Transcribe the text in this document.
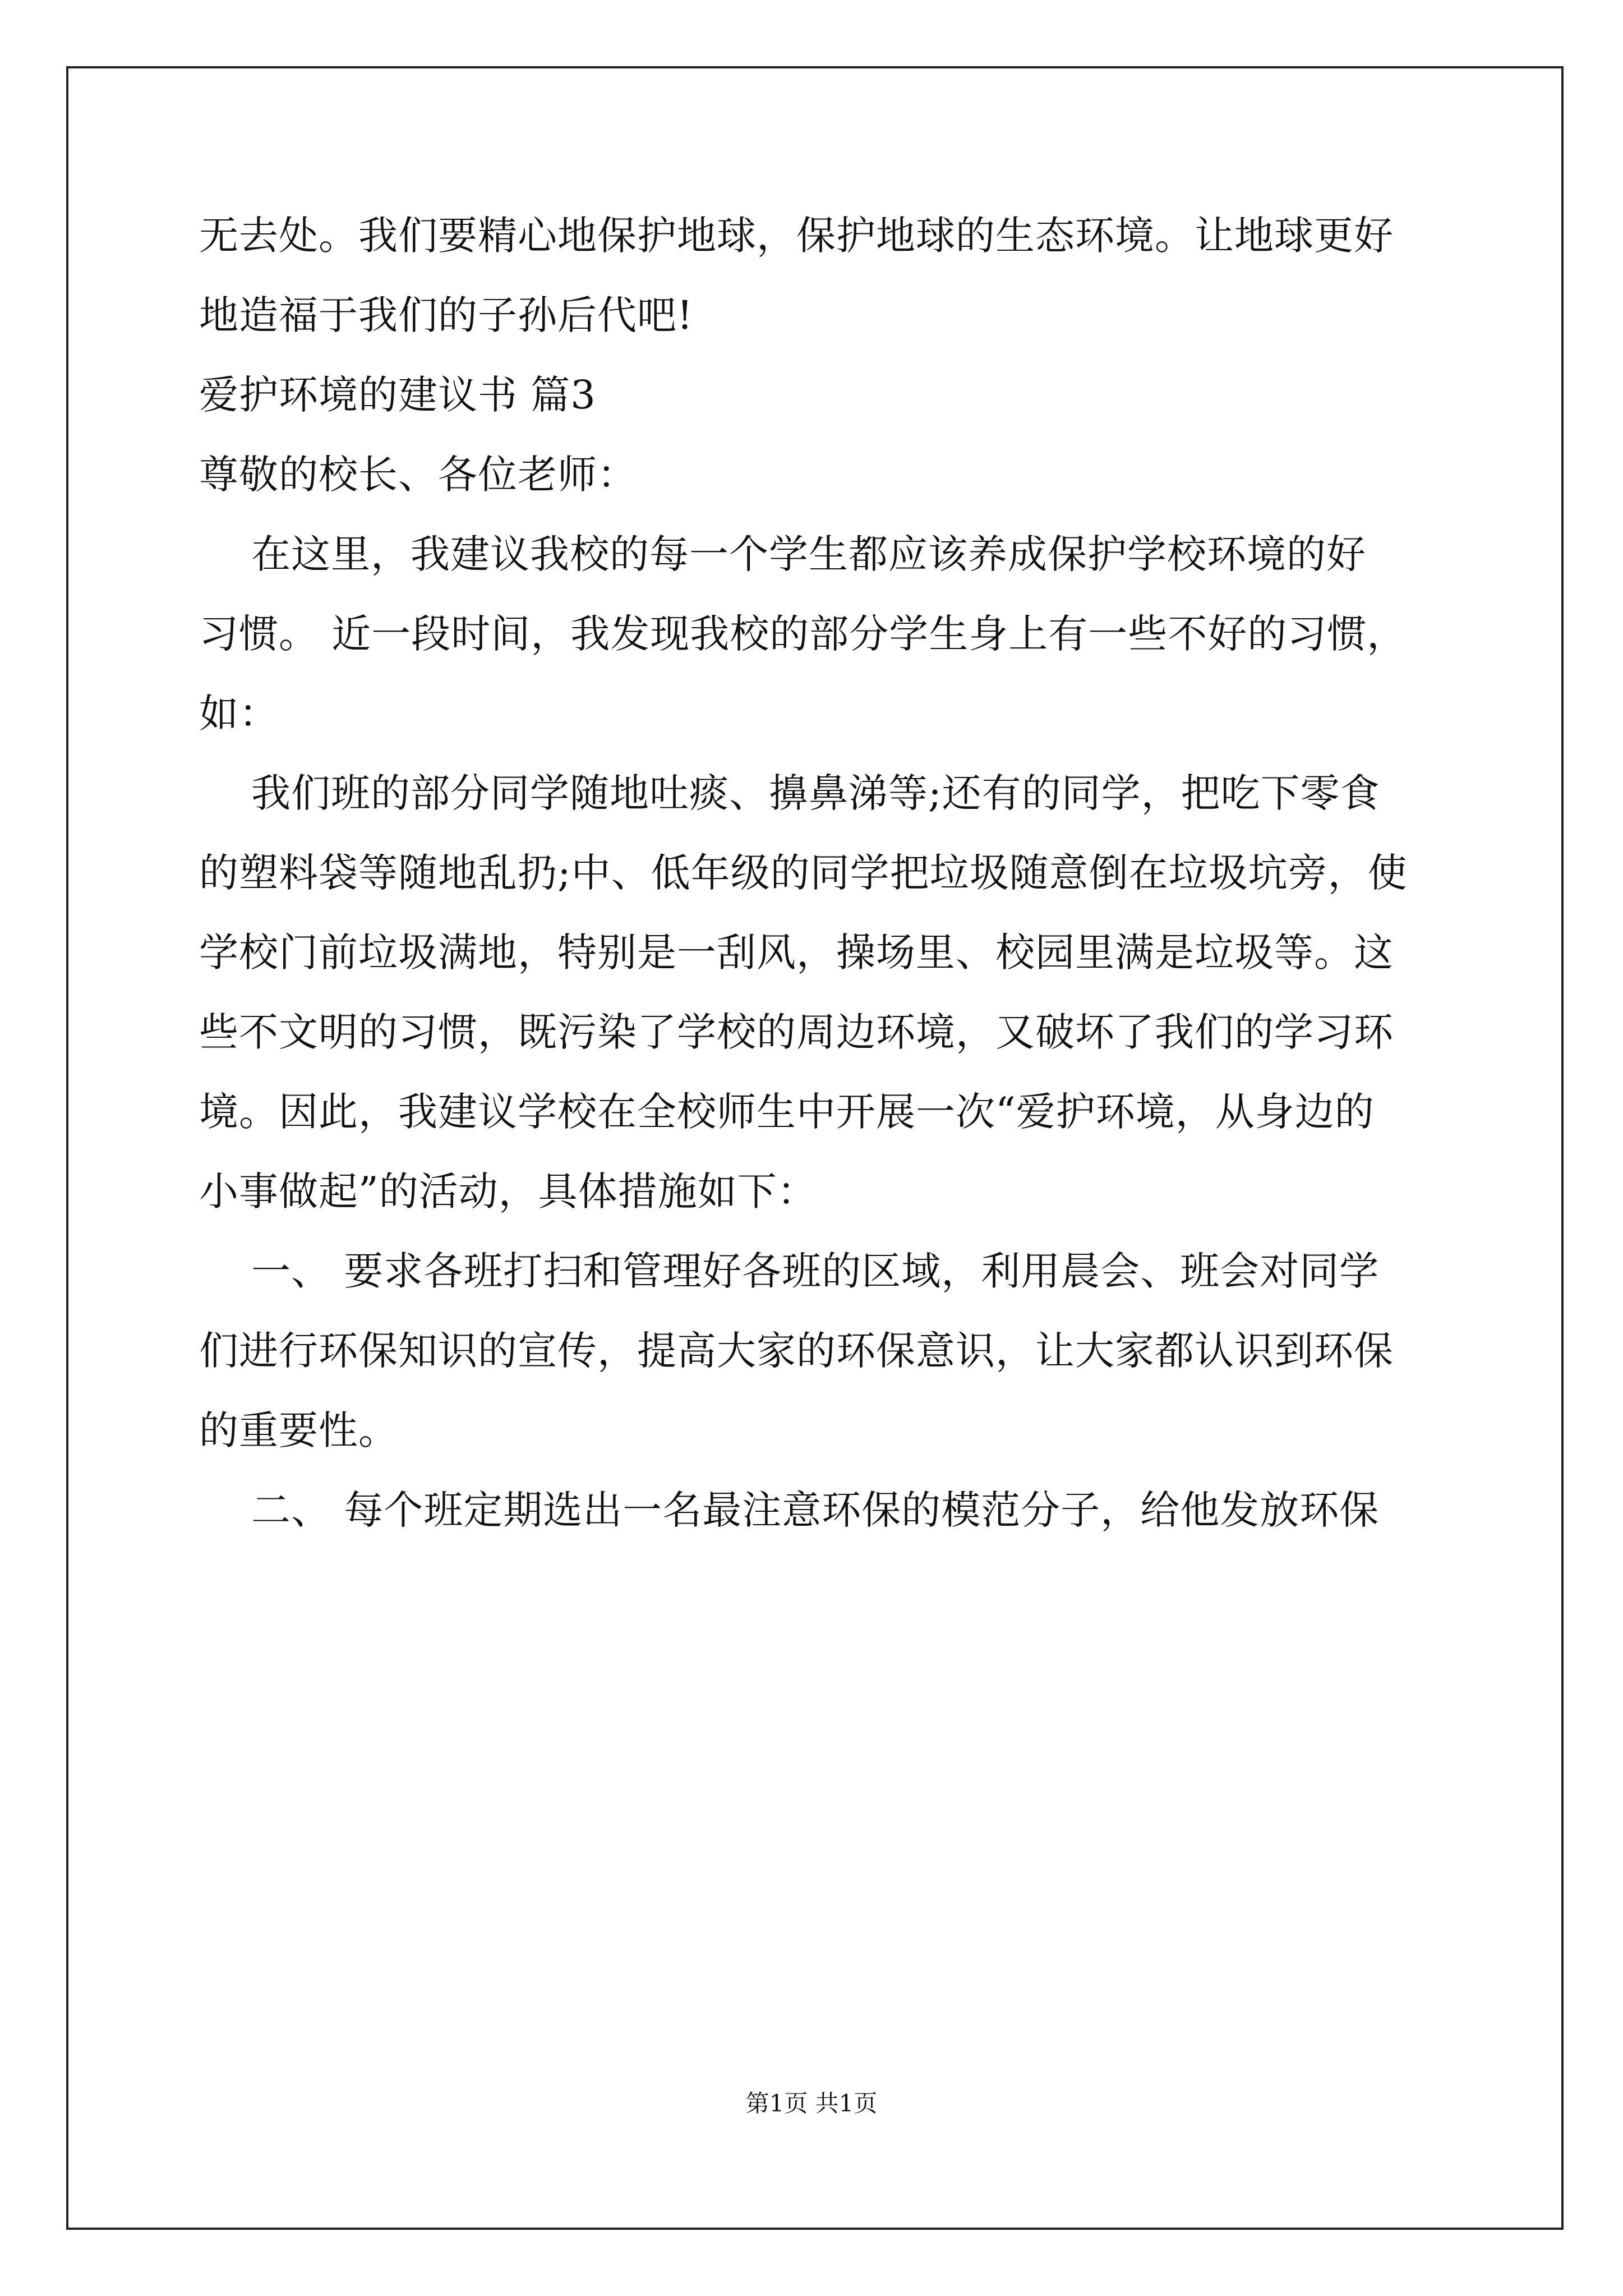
无去处。我们要精心地保护地球，保护地球的生态环境。让地球更好
地造福于我们的子孙后代吧!
爱护环境的建议书 篇3
尊敬的校长、各位老师：
在这里，我建议我校的每一个学生都应该养成保护学校环境的好
习惯。 近一段时间，我发现我校的部分学生身上有一些不好的习惯，
如：
我们班的部分同学随地吐痰、擤鼻涕等;还有的同学，把吃下零食
的塑料袋等随地乱扔;中、低年级的同学把垃圾随意倒在垃圾坑旁，使
学校门前垃圾满地，特别是一刮风，操场里、校园里满是垃圾等。这
些不文明的习惯，既污染了学校的周边环境，又破坏了我们的学习环
境。因此，我建议学校在全校师生中开展一次“爱护环境，从身边的
小事做起”的活动，具体措施如下：
一、 要求各班打扫和管理好各班的区域，利用晨会、班会对同学
们进行环保知识的宣传，提高大家的环保意识，让大家都认识到环保
的重要性。
二、 每个班定期选出一名最注意环保的模范分子，给他发放环保
第1页 共1页
